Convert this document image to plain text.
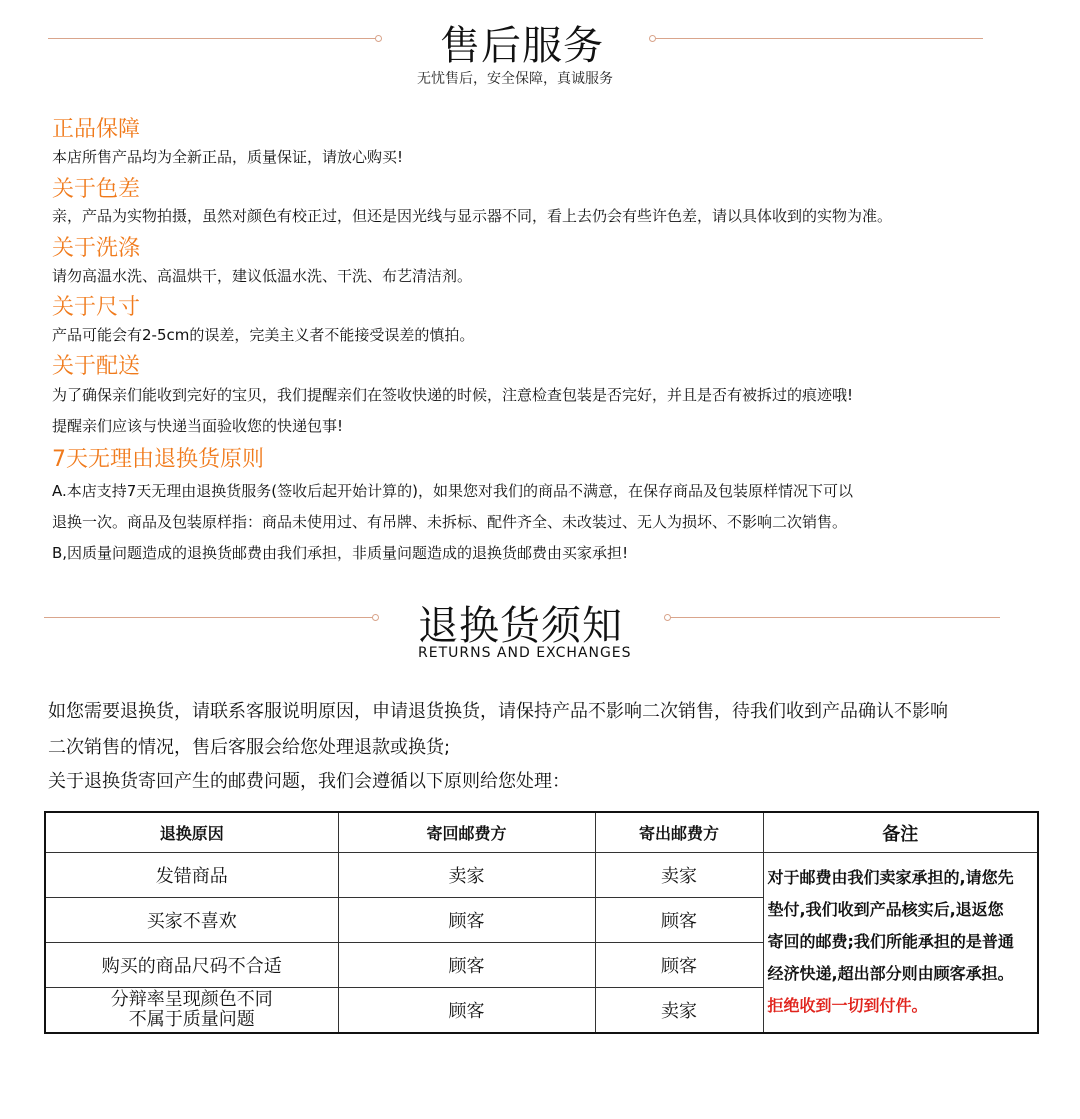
售后服务
无忧售后，安全保障，真诚服务
正品保障
本店所售产品均为全新正品，质量保证，请放心购买!
关于色差
亲，产品为实物拍摄，虽然对颜色有校正过，但还是因光线与显示器不同，看上去仍会有些许色差，请以具体收到的实物为准。
关于洗涤
请勿高温水洗、高温烘干，建议低温水洗、干洗、布艺清洁剂。
关于尺寸
产品可能会有2-5cm的误差，完美主义者不能接受误差的慎拍。
关于配送
为了确保亲们能收到完好的宝贝，我们提醒亲们在签收快递的时候，注意检查包装是否完好，并且是否有被拆过的痕迹哦!
提醒亲们应该与快递当面验收您的快递包事!
7天无理由退换货原则
A.本店支持7天无理由退换货服务(签收后起开始计算的)，如果您对我们的商品不满意，在保存商品及包装原样情况下可以
退换一次。商品及包装原样指：商品未使用过、有吊牌、未拆标、配件齐全、未改装过、无人为损坏、不影响二次销售。
B,因质量问题造成的退换货邮费由我们承担，非质量问题造成的退换货邮费由买家承担!
退换货须知
RETURNS AND EXCHANGES
如您需要退换货，请联系客服说明原因，申请退货换货，请保持产品不影响二次销售，待我们收到产品确认不影响
二次销售的情况，售后客服会给您处理退款或换货;
关于退换货寄回产生的邮费问题，我们会遵循以下原则给您处理：
退换原因	寄回邮费方	寄出邮费方	备注
发错商品	卖家	卖家	对于邮费由我们卖家承担的,请您先
垫付,我们收到产品核实后,退返您
寄回的邮费;我们所能承担的是普通
经济快递,超出部分则由顾客承担。
拒绝收到一切到付件。

买家不喜欢	顾客	顾客	
购买的商品尺码不合适	顾客	顾客	

分辩率呈现颜色不同
不属于质量问题	顾客	卖家	
